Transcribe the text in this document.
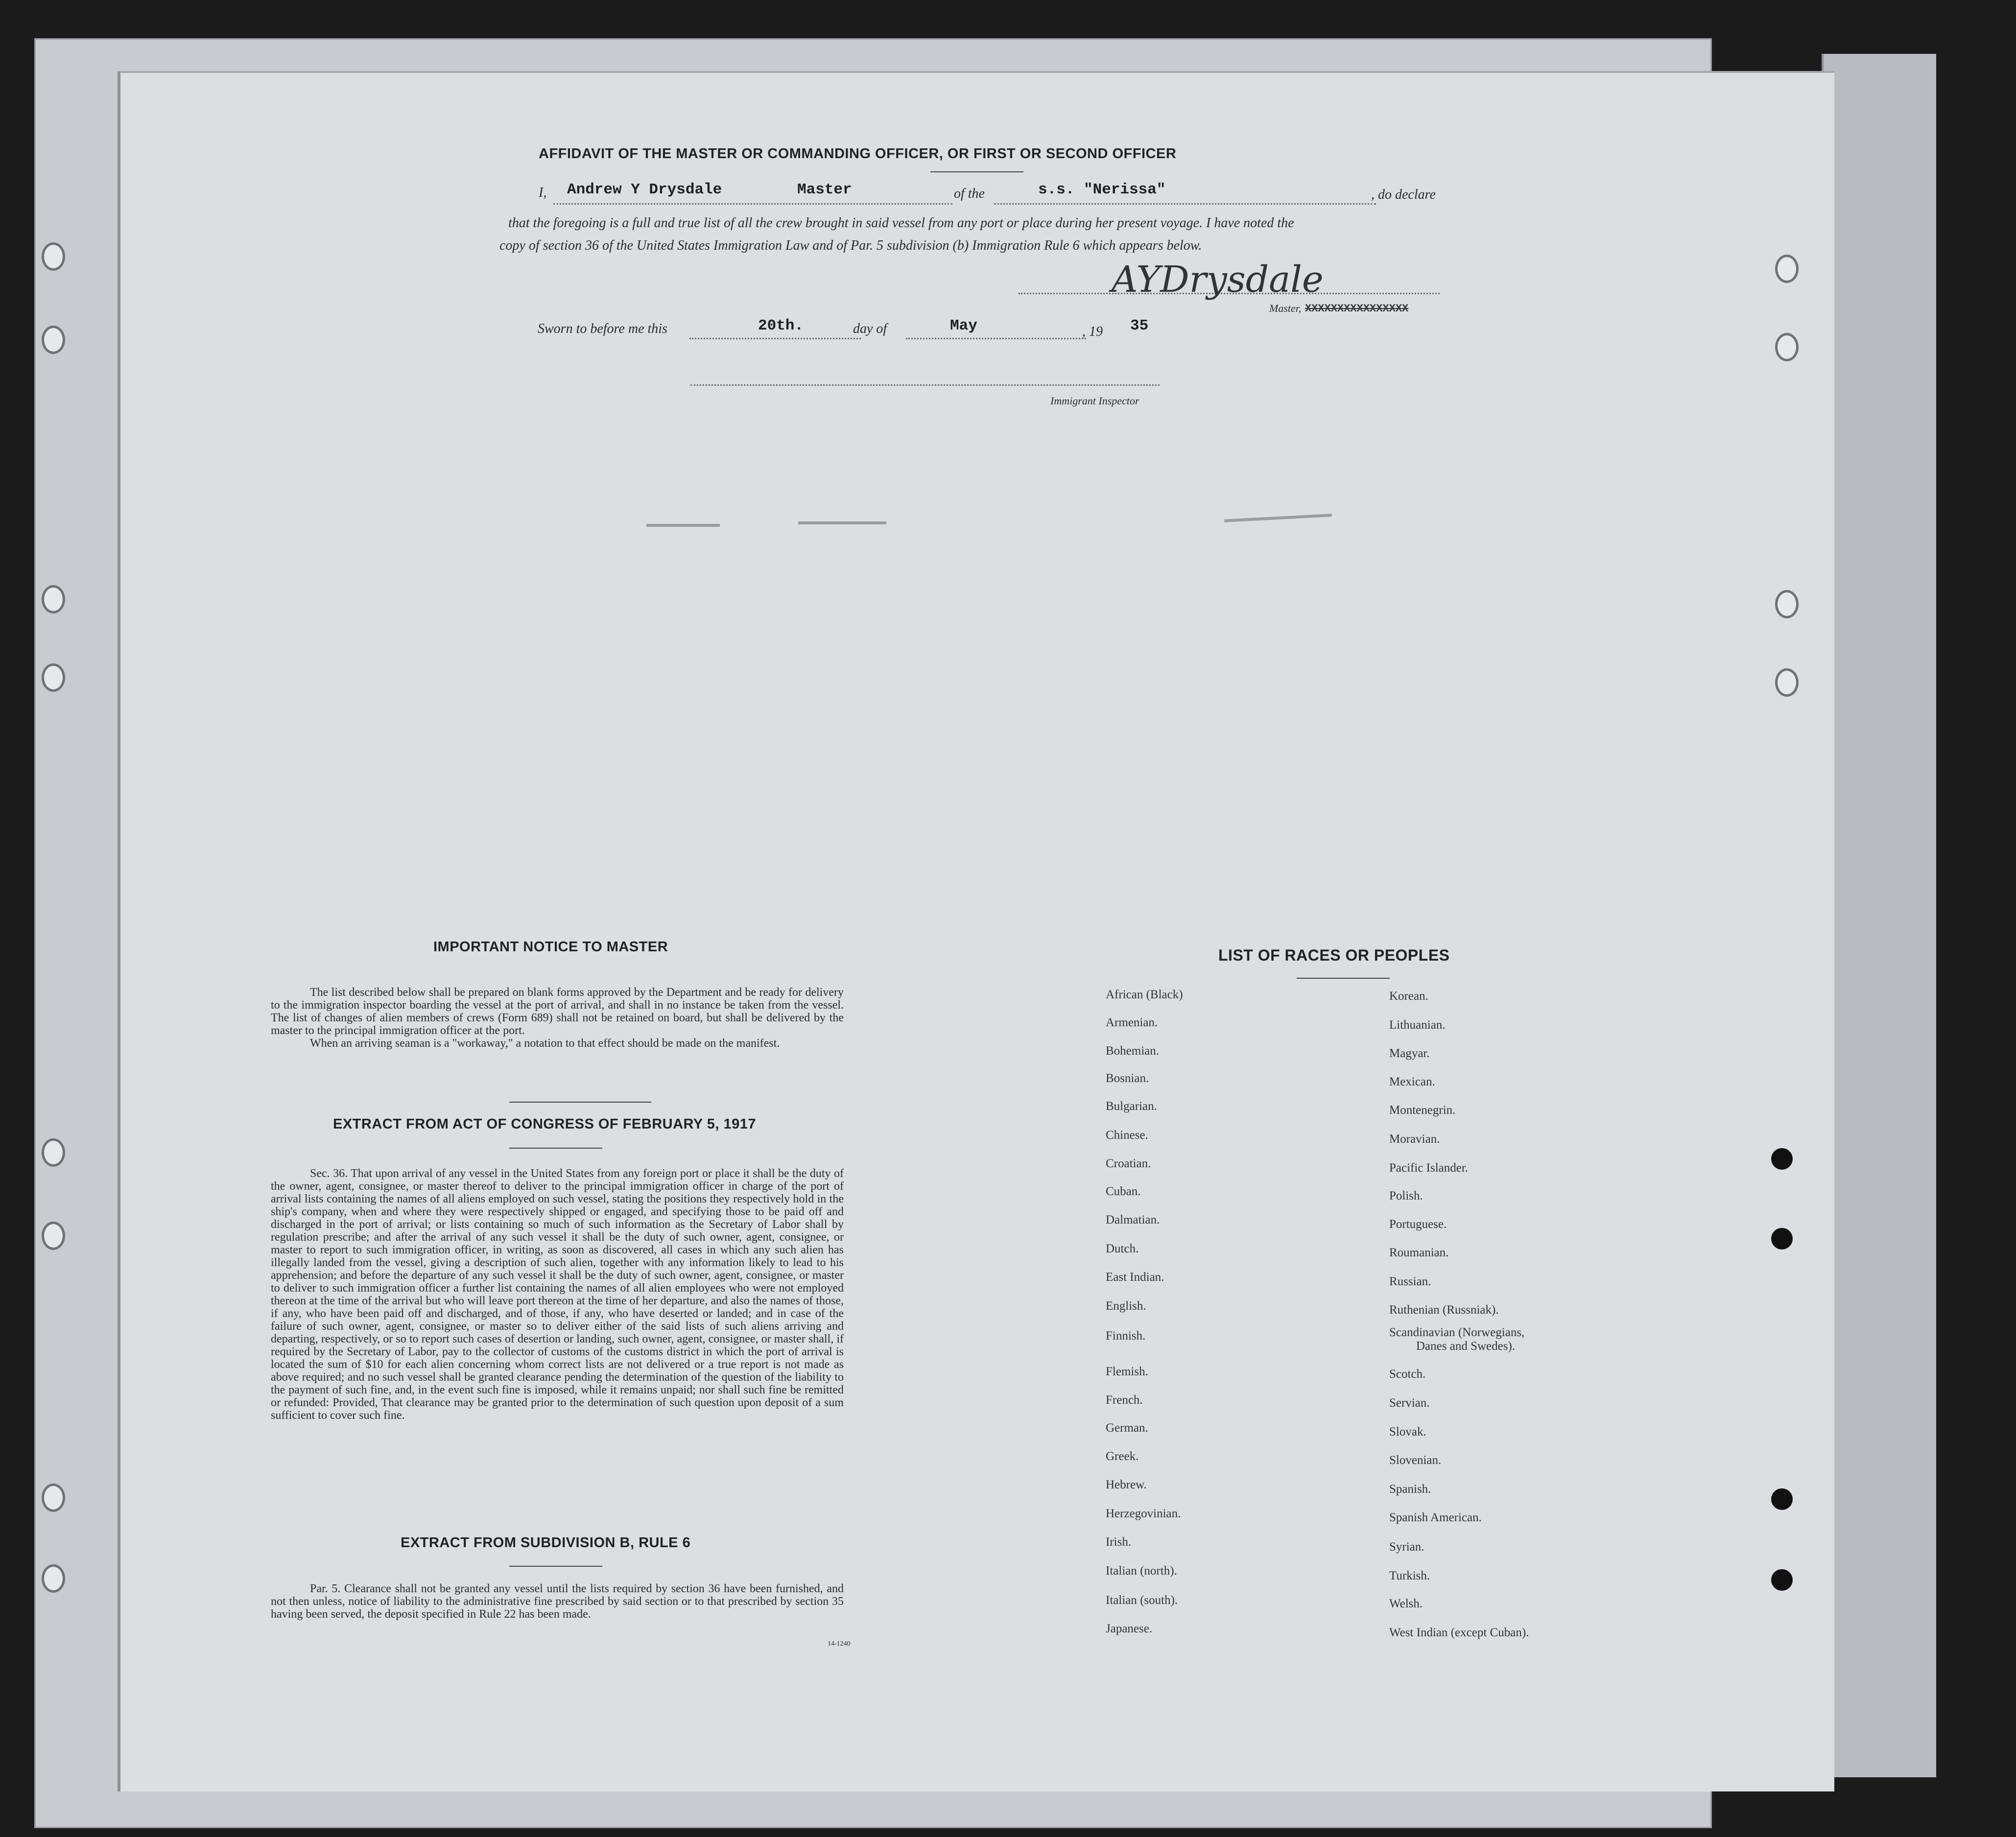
AFFIDAVIT OF THE MASTER OR COMMANDING OFFICER, OR FIRST OR SECOND OFFICER
I, Andrew Y Drysdale	Master	of the	s.s. "Nerissa"	, do declare
that the foregoing is a full and true list of all the crew brought in said vessel from any port or place during her present voyage. I have noted the
copy of section 36 of the United States Immigration Law and of Par. 5 subdivision (b) Immigration Rule 6 which appears below.
AYDrysdale
Master, XXXXXXXXXXXXXXXX
Sworn to before me this	20th.	day of	May	, 19 35
Immigrant Inspector
IMPORTANT NOTICE TO MASTER
The list described below shall be prepared on blank forms approved by the Department and be ready for delivery to the immigration inspector boarding the vessel at the port of arrival, and shall in no instance be taken from the vessel. The list of changes of alien members of crews (Form 689) shall not be retained on board, but shall be delivered by the master to the principal immigration officer at the port.
When an arriving seaman is a "workaway," a notation to that effect should be made on the manifest.
EXTRACT FROM ACT OF CONGRESS OF FEBRUARY 5, 1917
Sec. 36. That upon arrival of any vessel in the United States from any foreign port or place it shall be the duty of the owner, agent, consignee, or master thereof to deliver to the principal immigration officer in charge of the port of arrival lists containing the names of all aliens employed on such vessel, stating the positions they respectively hold in the ship's company, when and where they were respectively shipped or engaged, and specifying those to be paid off and discharged in the port of arrival; or lists containing so much of such information as the Secretary of Labor shall by regulation prescribe; and after the arrival of any such vessel it shall be the duty of such owner, agent, consignee, or master to report to such immigration officer, in writing, as soon as discovered, all cases in which any such alien has illegally landed from the vessel, giving a description of such alien, together with any information likely to lead to his apprehension; and before the departure of any such vessel it shall be the duty of such owner, agent, consignee, or master to deliver to such immigration officer a further list containing the names of all alien employees who were not employed thereon at the time of the arrival but who will leave port thereon at the time of her departure, and also the names of those, if any, who have been paid off and discharged, and of those, if any, who have deserted or landed; and in case of the failure of such owner, agent, consignee, or master so to deliver either of the said lists of such aliens arriving and departing, respectively, or so to report such cases of desertion or landing, such owner, agent, consignee, or master shall, if required by the Secretary of Labor, pay to the collector of customs of the customs district in which the port of arrival is located the sum of $10 for each alien concerning whom correct lists are not delivered or a true report is not made as above required; and no such vessel shall be granted clearance pending the determination of the question of the liability to the payment of such fine, and, in the event such fine is imposed, while it remains unpaid; nor shall such fine be remitted or refunded: Provided, That clearance may be granted prior to the determination of such question upon deposit of a sum sufficient to cover such fine.
EXTRACT FROM SUBDIVISION B, RULE 6
Par. 5. Clearance shall not be granted any vessel until the lists required by section 36 have been furnished, and not then unless, notice of liability to the administrative fine prescribed by said section or to that prescribed by section 35 having been served, the deposit specified in Rule 22 has been made.
14-1240
LIST OF RACES OR PEOPLES
African (Black)
Armenian.
Bohemian.
Bosnian.
Bulgarian.
Chinese.
Croatian.
Cuban.
Dalmatian.
Dutch.
East Indian.
English.
Finnish.
Flemish.
French.
German.
Greek.
Hebrew.
Herzegovinian.
Irish.
Italian (north).
Italian (south).
Japanese.
Korean.
Lithuanian.
Magyar.
Mexican.
Montenegrin.
Moravian.
Pacific Islander.
Polish.
Portuguese.
Roumanian.
Russian.
Ruthenian (Russniak).
Scandinavian (Norwegians,
Danes and Swedes).
Scotch.
Servian.
Slovak.
Slovenian.
Spanish.
Spanish American.
Syrian.
Turkish.
Welsh.
West Indian (except Cuban).
